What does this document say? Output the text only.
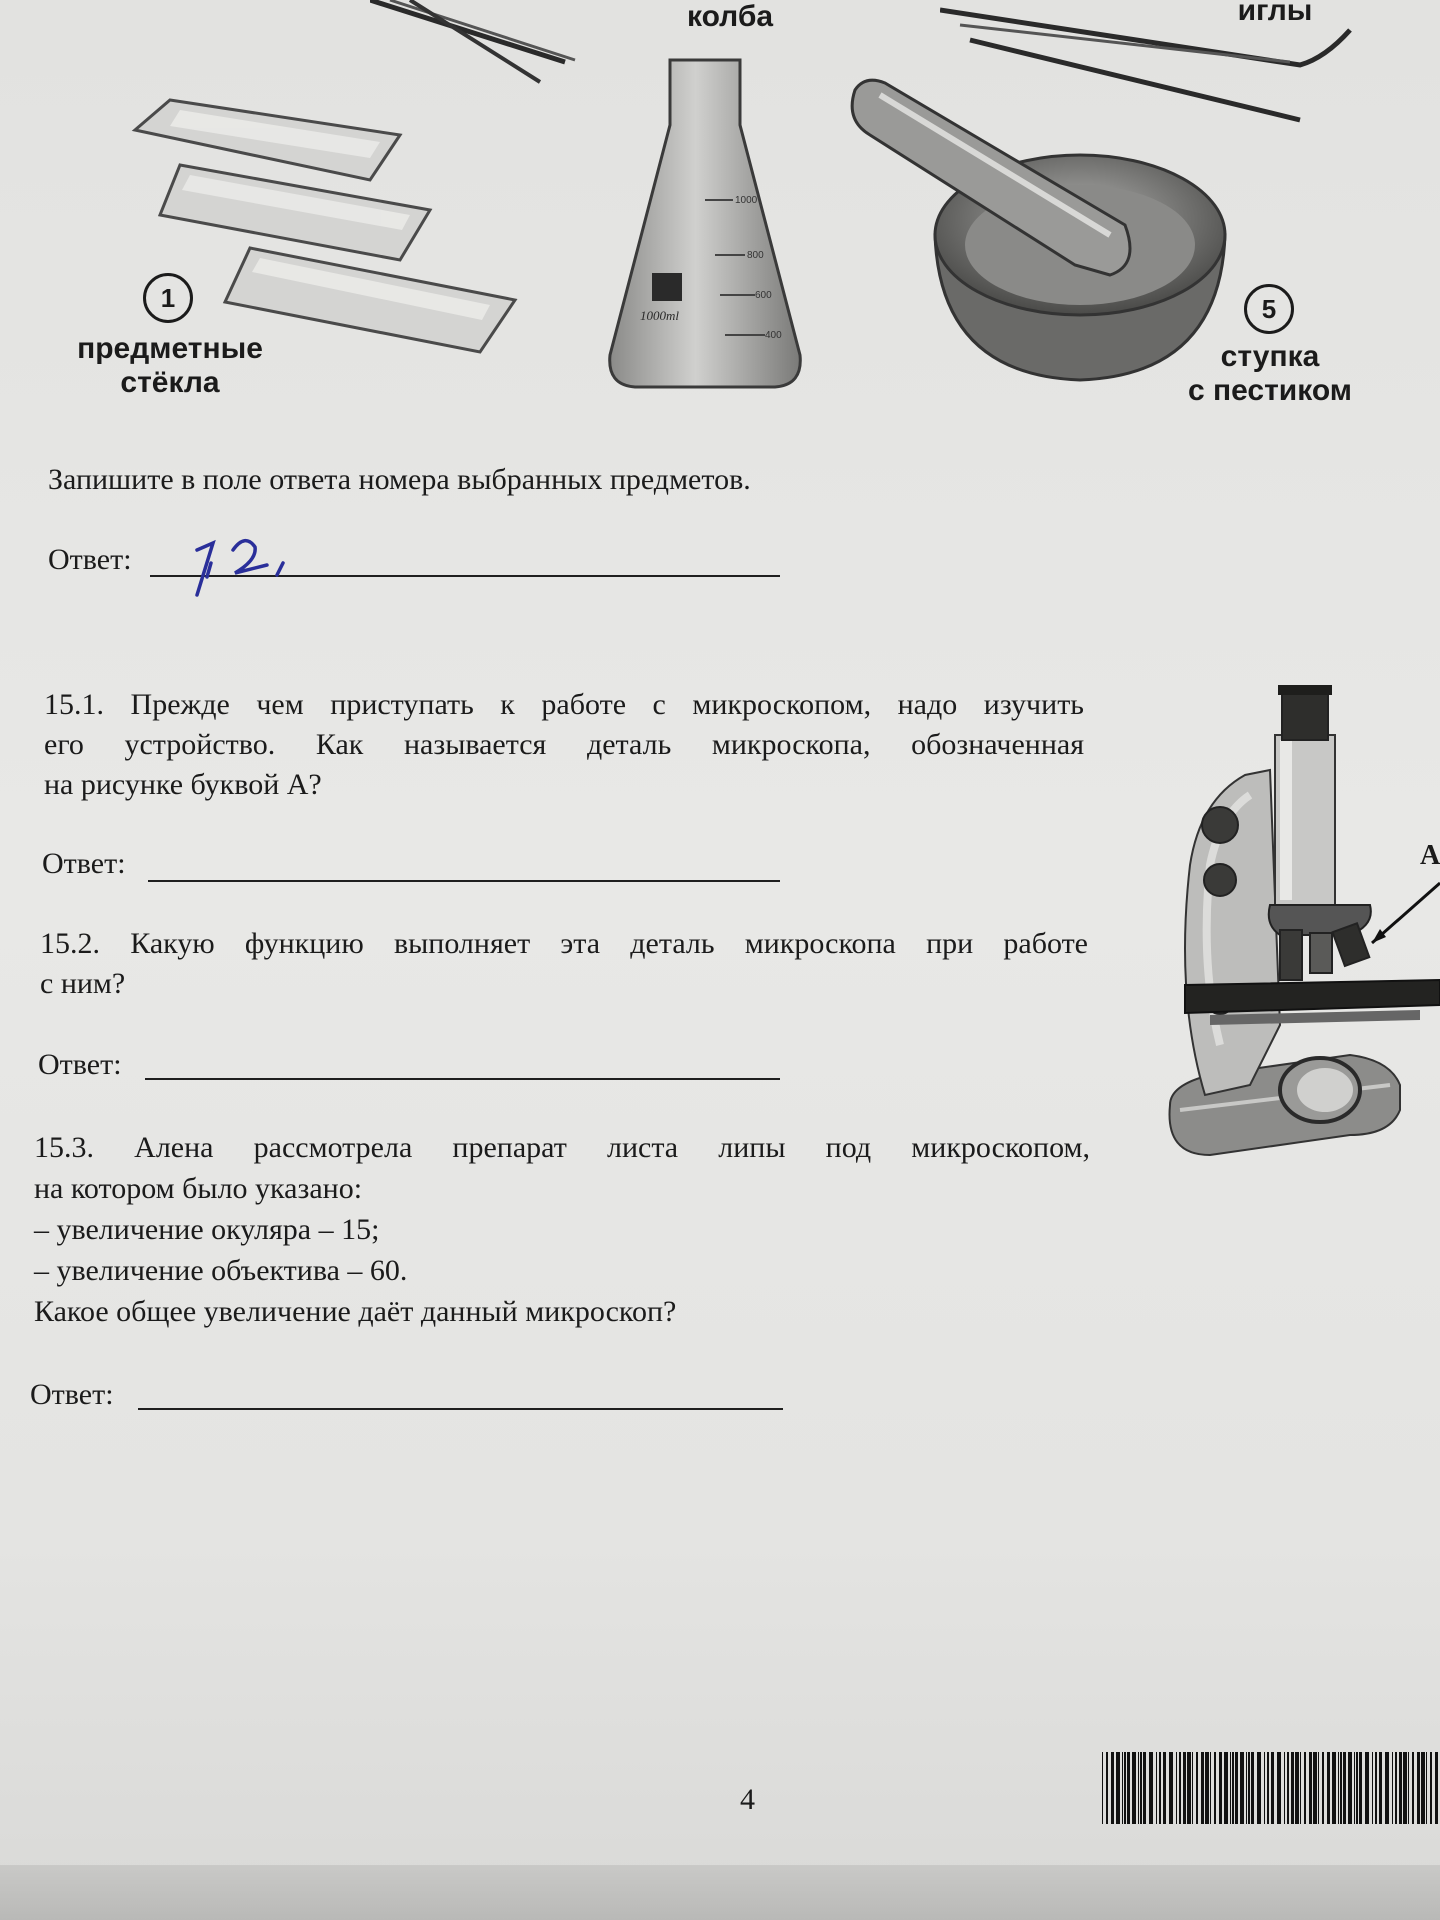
1
предметные
стёкла
колба
1000
800
600
400
1000ml
иглы
5
ступка
с пестиком
Запишите в поле ответа номера выбранных предметов.
Ответ:
15.1. Прежде чем приступать к работе с микроскопом, надо изучить
его устройство. Как называется деталь микроскопа, обозначенная
на рисунке буквой А?
Ответ:
15.2. Какую функцию выполняет эта деталь микроскопа при работе
с ним?
Ответ:
15.3. Алена рассмотрела препарат листа липы под микроскопом,
на котором было указано:
– увеличение окуляра – 15;
– увеличение объектива – 60.
Какое общее увеличение даёт данный микроскоп?
Ответ:
А
4
